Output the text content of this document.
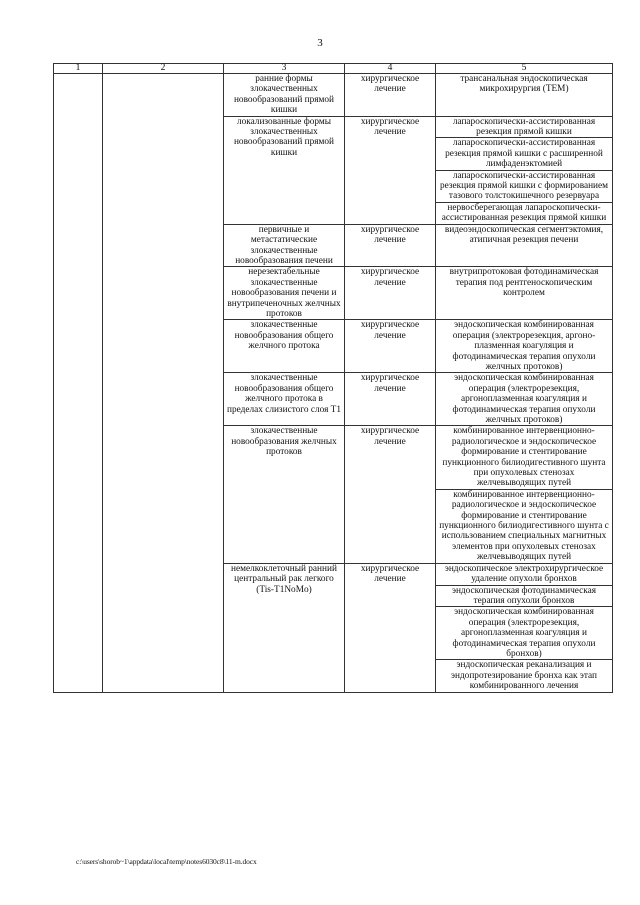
3
1	2	3	4	5
		ранние формы злокачественных новообразований прямой кишки	хирургическое лечение	трансанальная эндоскопическая микрохирургия (TEM)
		локализованные формы злокачественных новообразований прямой кишки	хирургическое лечение	лапароскопически-ассистированная резекция прямой кишки
				лапароскопически-ассистированная резекция прямой кишки с расширенной лимфаденэктомией
				лапароскопически-ассистированная резекция прямой кишки с формированием тазового толстокишечного резервуара
				нервосберегающая лапароскопически-ассистированная резекция прямой кишки
		первичные и метастатические злокачественные новообразования печени	хирургическое лечение	видеоэндоскопическая сегментэктомия, атипичная резекция печени
		нерезектабельные злокачественные новообразования печени и внутрипеченочных желчных протоков	хирургическое лечение	внутрипротоковая фотодинамическая терапия под рентгеноскопическим контролем
		злокачественные новообразования общего желчного протока	хирургическое лечение	эндоскопическая комбинированная операция (электрорезекция, аргоно-плазменная коагуляция и фотодинамическая терапия опухоли желчных протоков)
		злокачественные новообразования общего желчного протока в пределах слизистого слоя T1	хирургическое лечение	эндоскопическая комбинированная операция (электрорезекция, аргоноплазменная коагуляция и фотодинамическая терапия опухоли желчных протоков)
		злокачественные новообразования желчных протоков	хирургическое лечение	комбинированное интервенционно-радиологическое и эндоскопическое формирование и стентирование пункционного билиодигестивного шунта при опухолевых стенозах желчевыводящих путей
				комбинированное интервенционно-радиологическое и эндоскопическое формирование и стентирование пункционного билиодигестивного шунта с использованием специальных магнитных элементов при опухолевых стенозах желчевыводящих путей
		немелкоклеточный ранний центральный рак легкого (Tis-T1NoMo)	хирургическое лечение	эндоскопическое электрохирургическое удаление опухоли бронхов
				эндоскопическая фотодинамическая терапия опухоли бронхов
				эндоскопическая комбинированная операция (электрорезекция, аргоноплазменная коагуляция и фотодинамическая терапия опухоли бронхов)
				эндоскопическая реканализация и эндопротезирование бронха как этап комбинированного лечения
c:\users\shorob~1\appdata\local\temp\notes6030c8\11-m.docx
